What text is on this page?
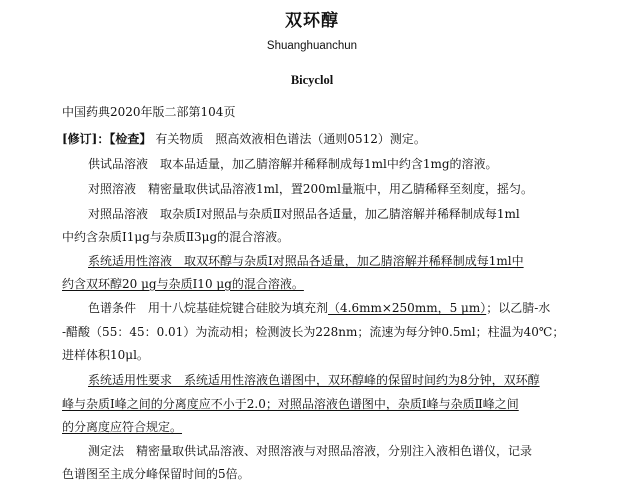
双环醇
Shuanghuanchun
Bicyclol
中国药典2020年版二部第104页
[修订]：【检查】 有关物质　照高效液相色谱法（通则0512）测定。
供试品溶液　取本品适量，加乙腈溶解并稀释制成每1ml中约含1mg的溶液。
对照溶液　精密量取供试品溶液1ml，置200ml量瓶中，用乙腈稀释至刻度，摇匀。
对照品溶液　取杂质Ⅰ对照品与杂质Ⅱ对照品各适量，加乙腈溶解并稀释制成每1ml
中约含杂质Ⅰ1μg与杂质Ⅱ3μg的混合溶液。
系统适用性溶液　取双环醇与杂质Ⅰ对照品各适量，加乙腈溶解并稀释制成每1ml中
约含双环醇20 μg与杂质Ⅰ10 μg的混合溶液。
色谱条件　用十八烷基硅烷键合硅胶为填充剂（4.6mm×250mm，5 μm）；以乙腈-水
-醋酸（55：45：0.01）为流动相；检测波长为228nm；流速为每分钟0.5ml；柱温为40℃；
进样体积10μl。
系统适用性要求　系统适用性溶液色谱图中，双环醇峰的保留时间约为8分钟，双环醇
峰与杂质Ⅰ峰之间的分离度应不小于2.0；对照品溶液色谱图中，杂质Ⅰ峰与杂质Ⅱ峰之间
的分离度应符合规定。
测定法　精密量取供试品溶液、对照溶液与对照品溶液，分别注入液相色谱仪，记录
色谱图至主成分峰保留时间的5倍。
